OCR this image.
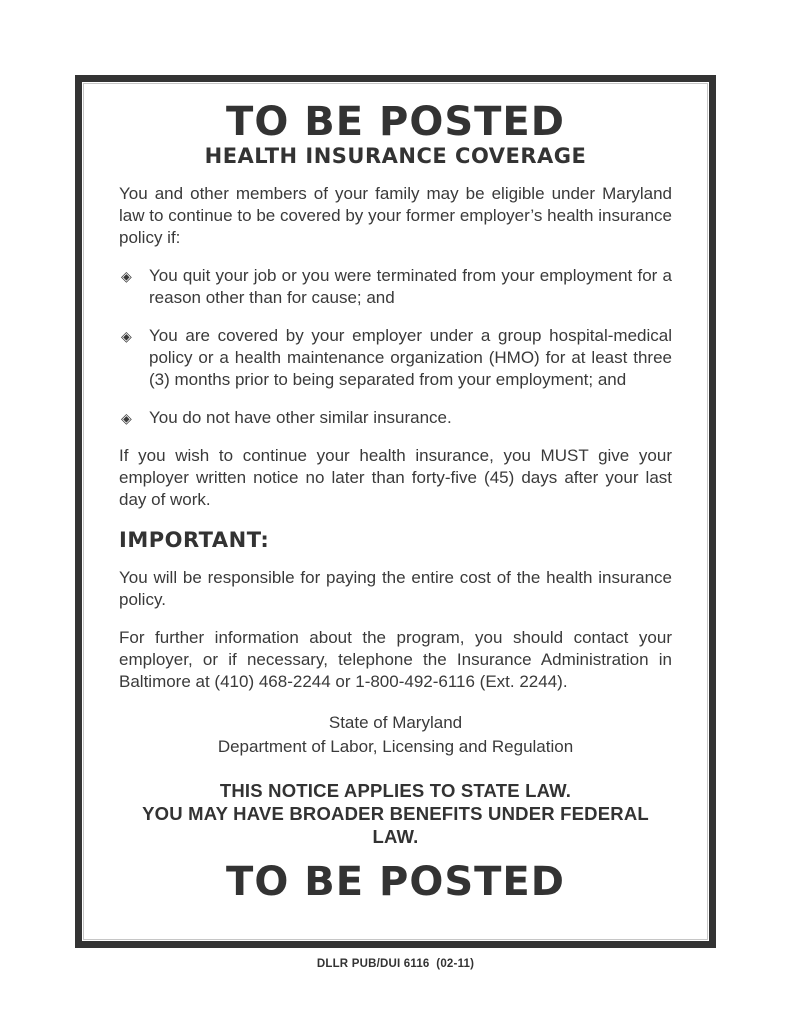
TO BE POSTED
HEALTH INSURANCE COVERAGE

You and other members of your family may be eligible under Maryland law to continue to be covered by your former employer’s health insurance policy if:

◈	You quit your job or you were terminated from your employment for a reason other than for cause; and
◈	You are covered by your employer under a group hospital-medical policy or a health maintenance organization (HMO) for at least three (3) months prior to being separated from your employment; and
◈	You do not have other similar insurance.

If you wish to continue your health insurance, you MUST give your employer written notice no later than forty-five (45) days after your last day of work.

IMPORTANT:

You will be responsible for paying the entire cost of the health insurance policy.

For further information about the program, you should contact your employer, or if necessary, telephone the Insurance Administration in Baltimore at (410) 468-2244 or 1-800-492-6116 (Ext. 2244).

State of Maryland
Department of Labor, Licensing and Regulation
THIS NOTICE APPLIES TO STATE LAW.
YOU MAY HAVE BROADER BENEFITS UNDER FEDERAL LAW.
TO BE POSTED
DLLR PUB/DUI 6116  (02-11)
